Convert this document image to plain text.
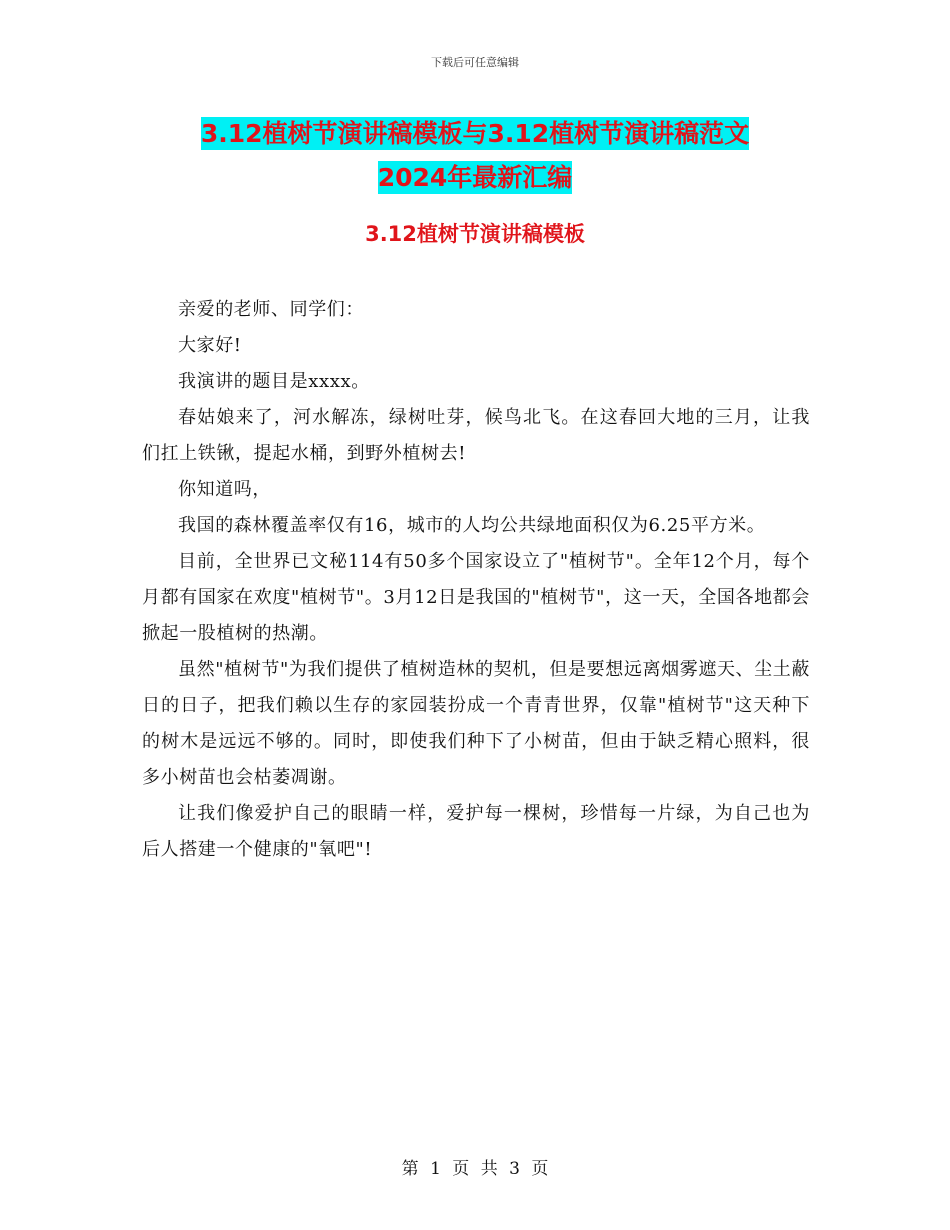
下载后可任意编辑
3.12植树节演讲稿模板与3.12植树节演讲稿范文
2024年最新汇编
3.12植树节演讲稿模板

亲爱的老师、同学们：

大家好!

我演讲的题目是xxxx。

春姑娘来了，河水解冻，绿树吐芽，候鸟北飞。在这春回大地的三月，让我们扛上铁锹，提起水桶，到野外植树去!

你知道吗，

我国的森林覆盖率仅有16，城市的人均公共绿地面积仅为6.25平方米。

目前，全世界已文秘114有50多个国家设立了"植树节"。全年12个月，每个月都有国家在欢度"植树节"。3月12日是我国的"植树节"，这一天，全国各地都会掀起一股植树的热潮。

虽然"植树节"为我们提供了植树造林的契机，但是要想远离烟雾遮天、尘土蔽日的日子，把我们赖以生存的家园装扮成一个青青世界，仅靠"植树节"这天种下的树木是远远不够的。同时，即使我们种下了小树苗，但由于缺乏精心照料，很多小树苗也会枯萎凋谢。

让我们像爱护自己的眼睛一样，爱护每一棵树，珍惜每一片绿，为自己也为后人搭建一个健康的"氧吧"!

第 1 页 共 3 页
